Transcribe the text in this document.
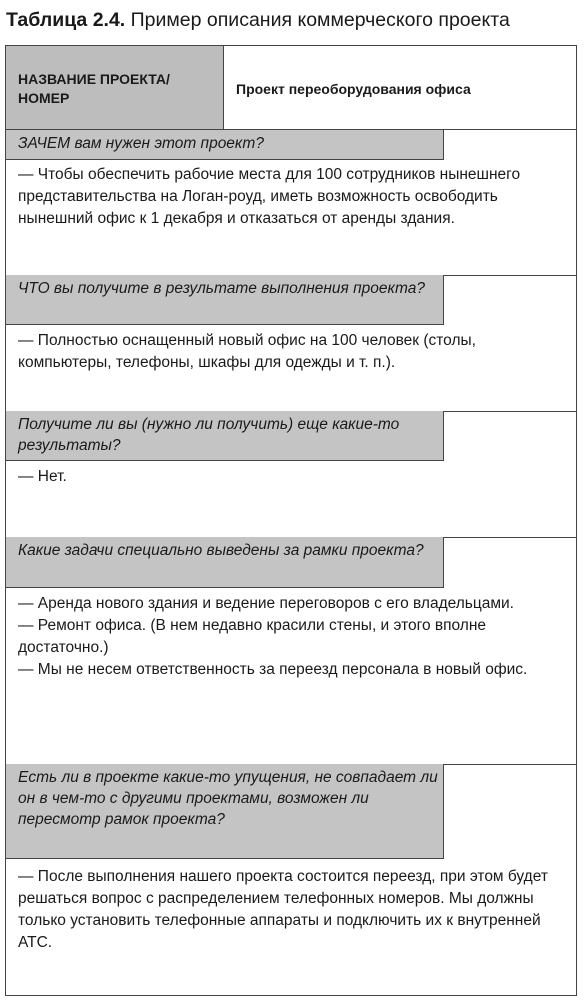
Таблица 2.4. Пример описания коммерческого проекта
НАЗВАНИЕ ПРОЕКТА/
НОМЕР
Проект переоборудования офиса
ЗАЧЕМ вам нужен этот проект?

— Чтобы обеспечить рабочие места для 100 сотрудников нынешнего представительства на Логан-роуд, иметь возможность освободить нынешний офис к 1 декабря и отказаться от аренды здания.

ЧТО вы получите в результате выполнения проекта?

— Полностью оснащенный новый офис на 100 человек (столы, компьютеры, телефоны, шкафы для одежды и т. п.).

Получите ли вы (нужно ли получить) еще какие-то результаты?

— Нет.

Какие задачи специально выведены за рамки проекта?

— Аренда нового здания и ведение переговоров с его владельцами.

— Ремонт офиса. (В нем недавно красили стены, и этого вполне достаточно.)

— Мы не несем ответственность за переезд персонала в новый офис.

Есть ли в проекте какие-то упущения, не совпадает ли он в чем-то с другими проектами, возможен ли пересмотр рамок проекта?

— После выполнения нашего проекта состоится переезд, при этом будет решаться вопрос с распределением телефонных номеров. Мы должны только установить телефонные аппараты и подключить их к внутренней АТС.
